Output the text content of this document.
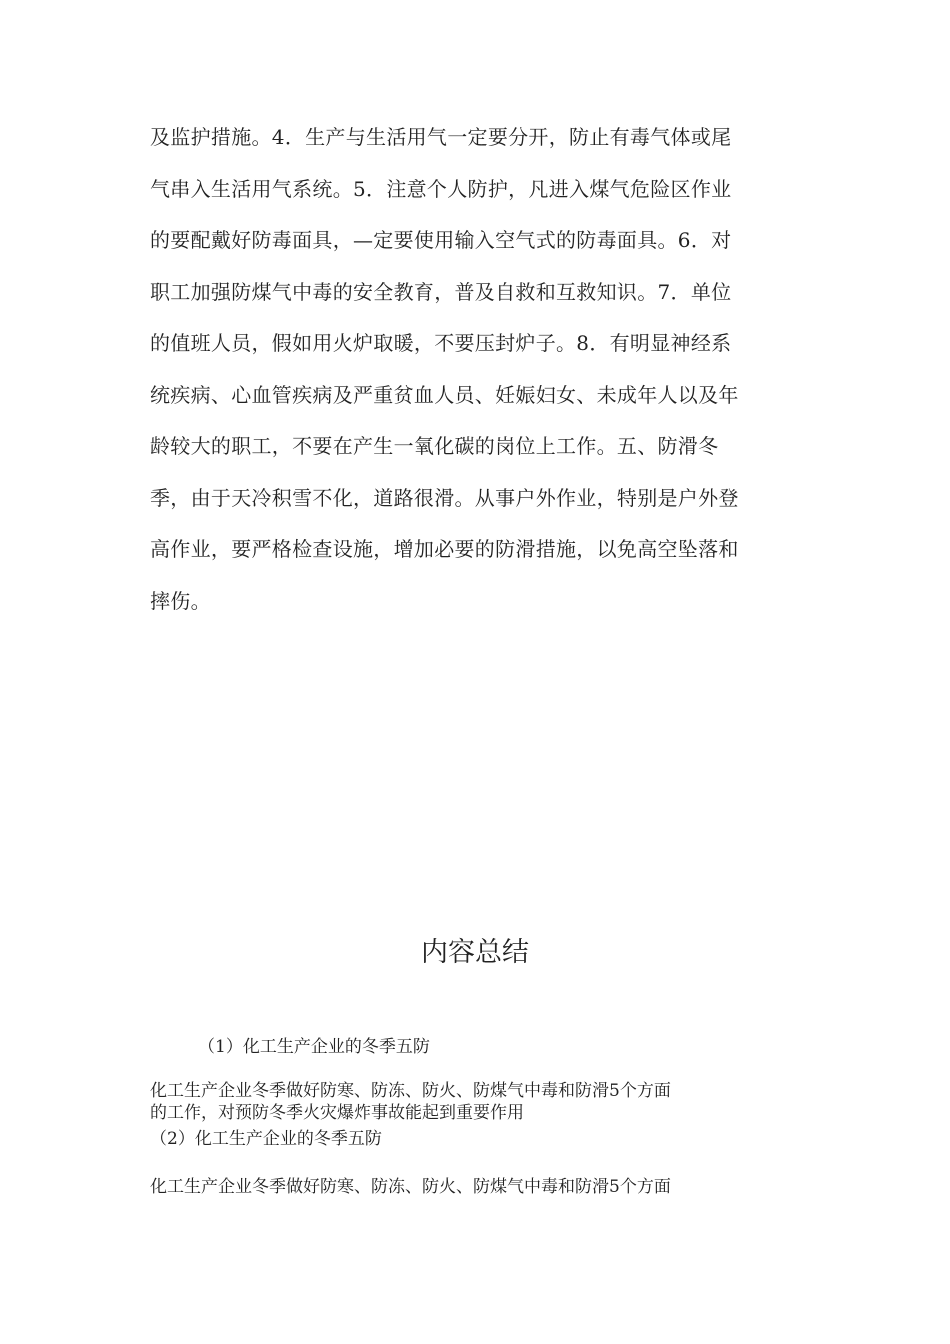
及监护措施。4．生产与生活用气一定要分开，防止有毒气体或尾
气串入生活用气系统。5．注意个人防护，凡进入煤气危险区作业
的要配戴好防毒面具，—定要使用输入空气式的防毒面具。6．对
职工加强防煤气中毒的安全教育，普及自救和互救知识。7．单位
的值班人员，假如用火炉取暖，不要压封炉子。8．有明显神经系
统疾病、心血管疾病及严重贫血人员、妊娠妇女、未成年人以及年
龄较大的职工，不要在产生一氧化碳的岗位上工作。五、防滑冬
季，由于天冷积雪不化，道路很滑。从事户外作业，特别是户外登
高作业，要严格检查设施，增加必要的防滑措施，以免高空坠落和
摔伤。

内容总结

（1）化工生产企业的冬季五防

化工生产企业冬季做好防寒、防冻、防火、防煤气中毒和防滑5个方面

的工作，对预防冬季火灾爆炸事故能起到重要作用

（2）化工生产企业的冬季五防

化工生产企业冬季做好防寒、防冻、防火、防煤气中毒和防滑5个方面
